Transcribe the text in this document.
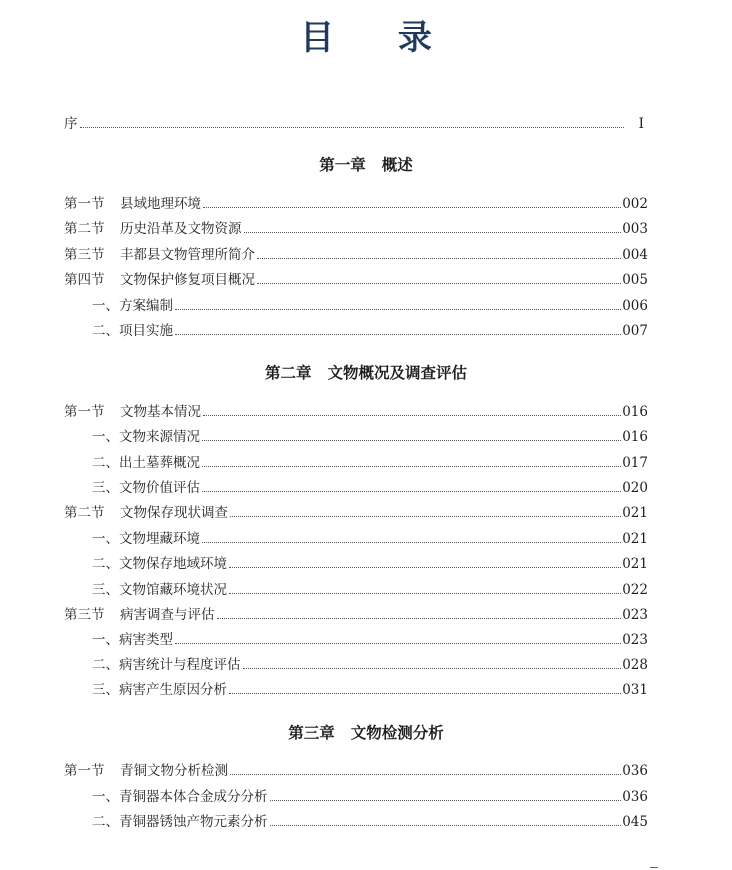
目 录
序	I
第一章 概述
第一节	县域地理环境	002
第二节	历史沿革及文物资源	003
第三节	丰都县文物管理所简介	004
第四节	文物保护修复项目概况	005
一、方案编制	006
二、项目实施	007
第二章 文物概况及调查评估
第一节	文物基本情况	016
一、文物来源情况	016
二、出土墓葬概况	017
三、文物价值评估	020
第二节	文物保存现状调查	021
一、文物埋藏环境	021
二、文物保存地域环境	021
三、文物馆藏环境状况	022
第三节	病害调查与评估	023
一、病害类型	023
二、病害统计与程度评估	028
三、病害产生原因分析	031
第三章 文物检测分析
第一节	青铜文物分析检测	036
一、青铜器本体合金成分分析	036
二、青铜器锈蚀产物元素分析	045
